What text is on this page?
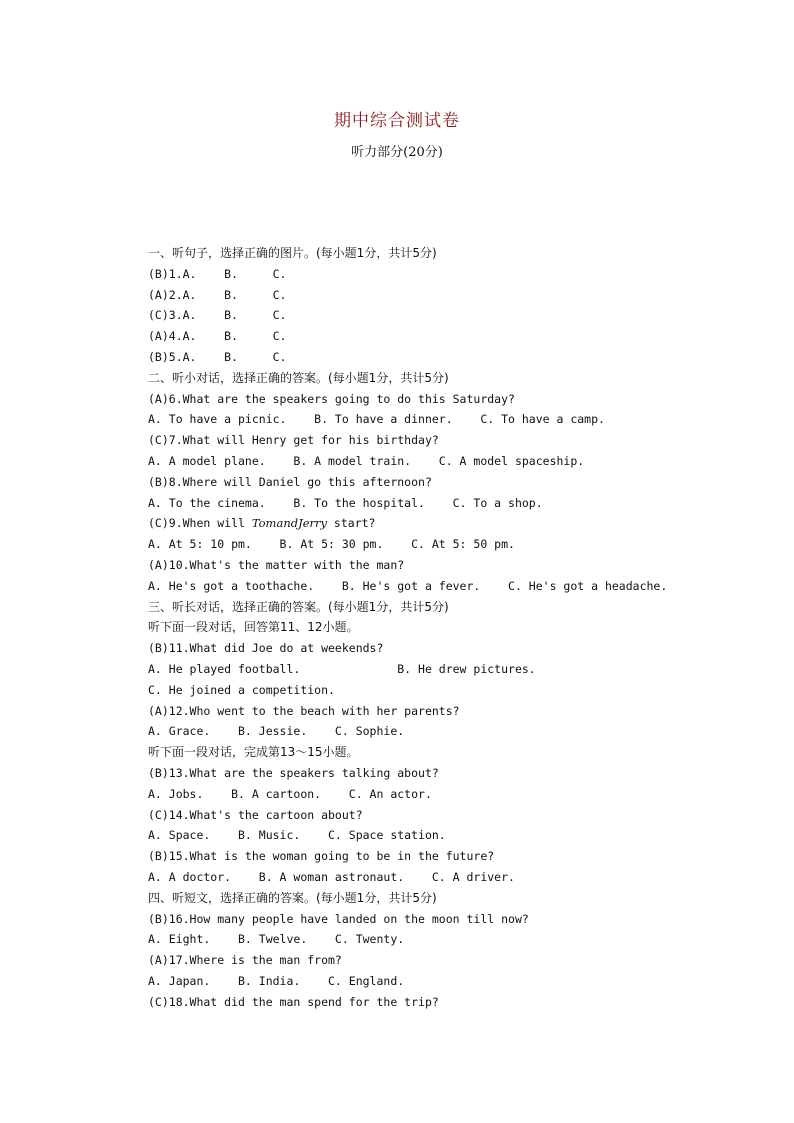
期中综合测试卷
听力部分(20分)
一、听句子，选择正确的图片。(每小题1分，共计5分)
(B)1.A.    B.     C.
(A)2.A.    B.     C.
(C)3.A.    B.     C.
(A)4.A.    B.     C.
(B)5.A.    B.     C.
二、听小对话，选择正确的答案。(每小题1分，共计5分)
(A)6.What are the speakers going to do this Saturday?
A. To have a picnic.    B. To have a dinner.    C. To have a camp.
(C)7.What will Henry get for his birthday?
A. A model plane.    B. A model train.    C. A model spaceship.
(B)8.Where will Daniel go this afternoon?
A. To the cinema.    B. To the hospital.    C. To a shop.
(C)9.When will TomandJerry start?
A. At 5: 10 pm.    B. At 5: 30 pm.    C. At 5: 50 pm.
(A)10.What's the matter with the man?
A. He's got a toothache.    B. He's got a fever.    C. He's got a headache.
三、听长对话，选择正确的答案。(每小题1分，共计5分)
听下面一段对话，回答第11、12小题。
(B)11.What did Joe do at weekends?
A. He played football.              B. He drew pictures.
C. He joined a competition.
(A)12.Who went to the beach with her parents?
A. Grace.    B. Jessie.    C. Sophie.
听下面一段对话，完成第13～15小题。
(B)13.What are the speakers talking about?
A. Jobs.    B. A cartoon.    C. An actor.
(C)14.What's the cartoon about?
A. Space.    B. Music.    C. Space station.
(B)15.What is the woman going to be in the future?
A. A doctor.    B. A woman astronaut.    C. A driver.
四、听短文，选择正确的答案。(每小题1分，共计5分)
(B)16.How many people have landed on the moon till now?
A. Eight.    B. Twelve.    C. Twenty.
(A)17.Where is the man from?
A. Japan.    B. India.    C. England.
(C)18.What did the man spend for the trip?
